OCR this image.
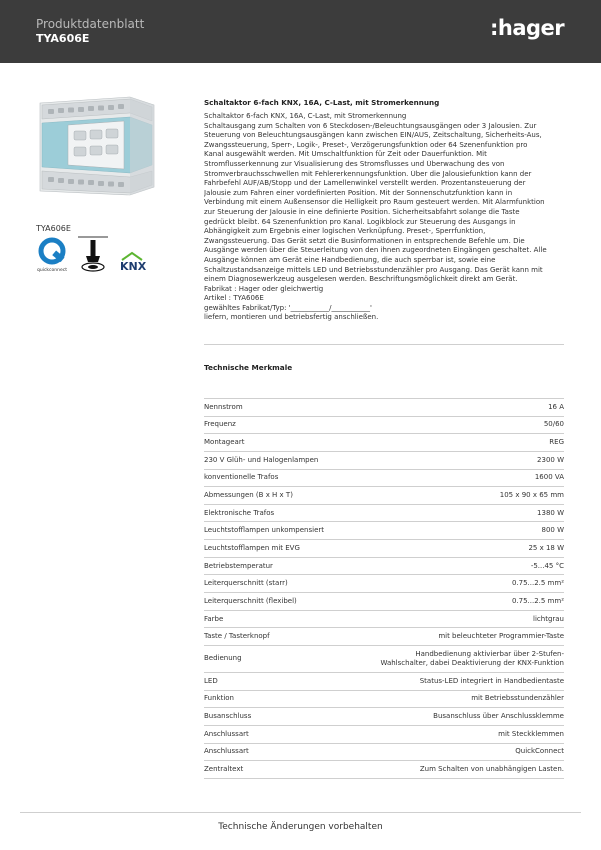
Produktdatenblatt
TYA606E	:hager
TYA606E
quickconnect	KNX
Schaltaktor 6-fach KNX, 16A, C-Last, mit Stromerkennung
Schaltaktor 6-fach KNX, 16A, C-Last, mit Stromerkennung
Schaltausgang zum Schalten von 6 Steckdosen-/Beleuchtungsausgängen oder 3 Jalousien. Zur
Steuerung von Beleuchtungsausgängen kann zwischen EIN/AUS, Zeitschaltung, Sicherheits-Aus,
Zwangssteuerung, Sperr-, Logik-, Preset-, Verzögerungsfunktion oder 64 Szenenfunktion pro
Kanal ausgewählt werden. Mit Umschaltfunktion für Zeit oder Dauerfunktion. Mit
Stromflusserkennung zur Visualisierung des Stromsflusses und Überwachung des von
Stromverbrauchsschwellen mit Fehlererkennungsfunktion. Über die Jalousiefunktion kann der
Fahrbefehl AUF/AB/Stopp und der Lamellenwinkel verstellt werden. Prozentansteuerung der
Jalousie zum Fahren einer vordefinierten Position. Mit der Sonnenschutzfunktion kann in
Verbindung mit einem Außensensor die Helligkeit pro Raum gesteuert werden. Mit Alarmfunktion
zur Steuerung der Jalousie in eine definierte Position. Sicherheitsabfahrt solange die Taste
gedrückt bleibt. 64 Szenenfunktion pro Kanal. Logikblock zur Steuerung des Ausgangs in
Abhängigkeit zum Ergebnis einer logischen Verknüpfung. Preset-, Sperrfunktion,
Zwangssteuerung. Das Gerät setzt die Businformationen in entsprechende Befehle um. Die
Ausgänge werden über die Steuerleitung von den ihnen zugeordneten Eingängen geschaltet. Alle
Ausgänge können am Gerät eine Handbedienung, die auch sperrbar ist, sowie eine
Schaltzustandsanzeige mittels LED und Betriebsstundenzähler pro Ausgang. Das Gerät kann mit
einem Diagnosewerkzeug ausgelesen werden. Beschriftungsmöglichkeit direkt am Gerät.
Fabrikat : Hager oder gleichwertig
Artikel : TYA606E
gewähltes Fabrikat/Typ: '___________/___________'
liefern, montieren und betriebsfertig anschließen.
Technische Merkmale
Nennstrom	16 A
Frequenz	50/60
Montageart	REG
230 V Glüh- und Halogenlampen	2300 W
konventionelle Trafos	1600 VA
Abmessungen (B x H x T)	105 x 90 x 65 mm
Elektronische Trafos	1380 W
Leuchtstofflampen unkompensiert	800 W
Leuchtstofflampen mit EVG	25 x 18 W
Betriebstemperatur	-5...45 °C
Leiterquerschnitt (starr)	0.75...2.5 mm²
Leiterquerschnitt (flexibel)	0.75...2.5 mm²
Farbe	lichtgrau
Taste / Tasterknopf	mit beleuchteter Programmier-Taste
Bedienung	Handbedienung aktivierbar über 2-Stufen-
Wahlschalter, dabei Deaktivierung der KNX-Funktion

LED	Status-LED integriert in Handbedientaste
Funktion	mit Betriebsstundenzähler
Busanschluss	Busanschluss über Anschlussklemme
Anschlussart	mit Steckklemmen
Anschlussart	QuickConnect
Zentraltext	Zum Schalten von unabhängigen Lasten.
Technische Änderungen vorbehalten
